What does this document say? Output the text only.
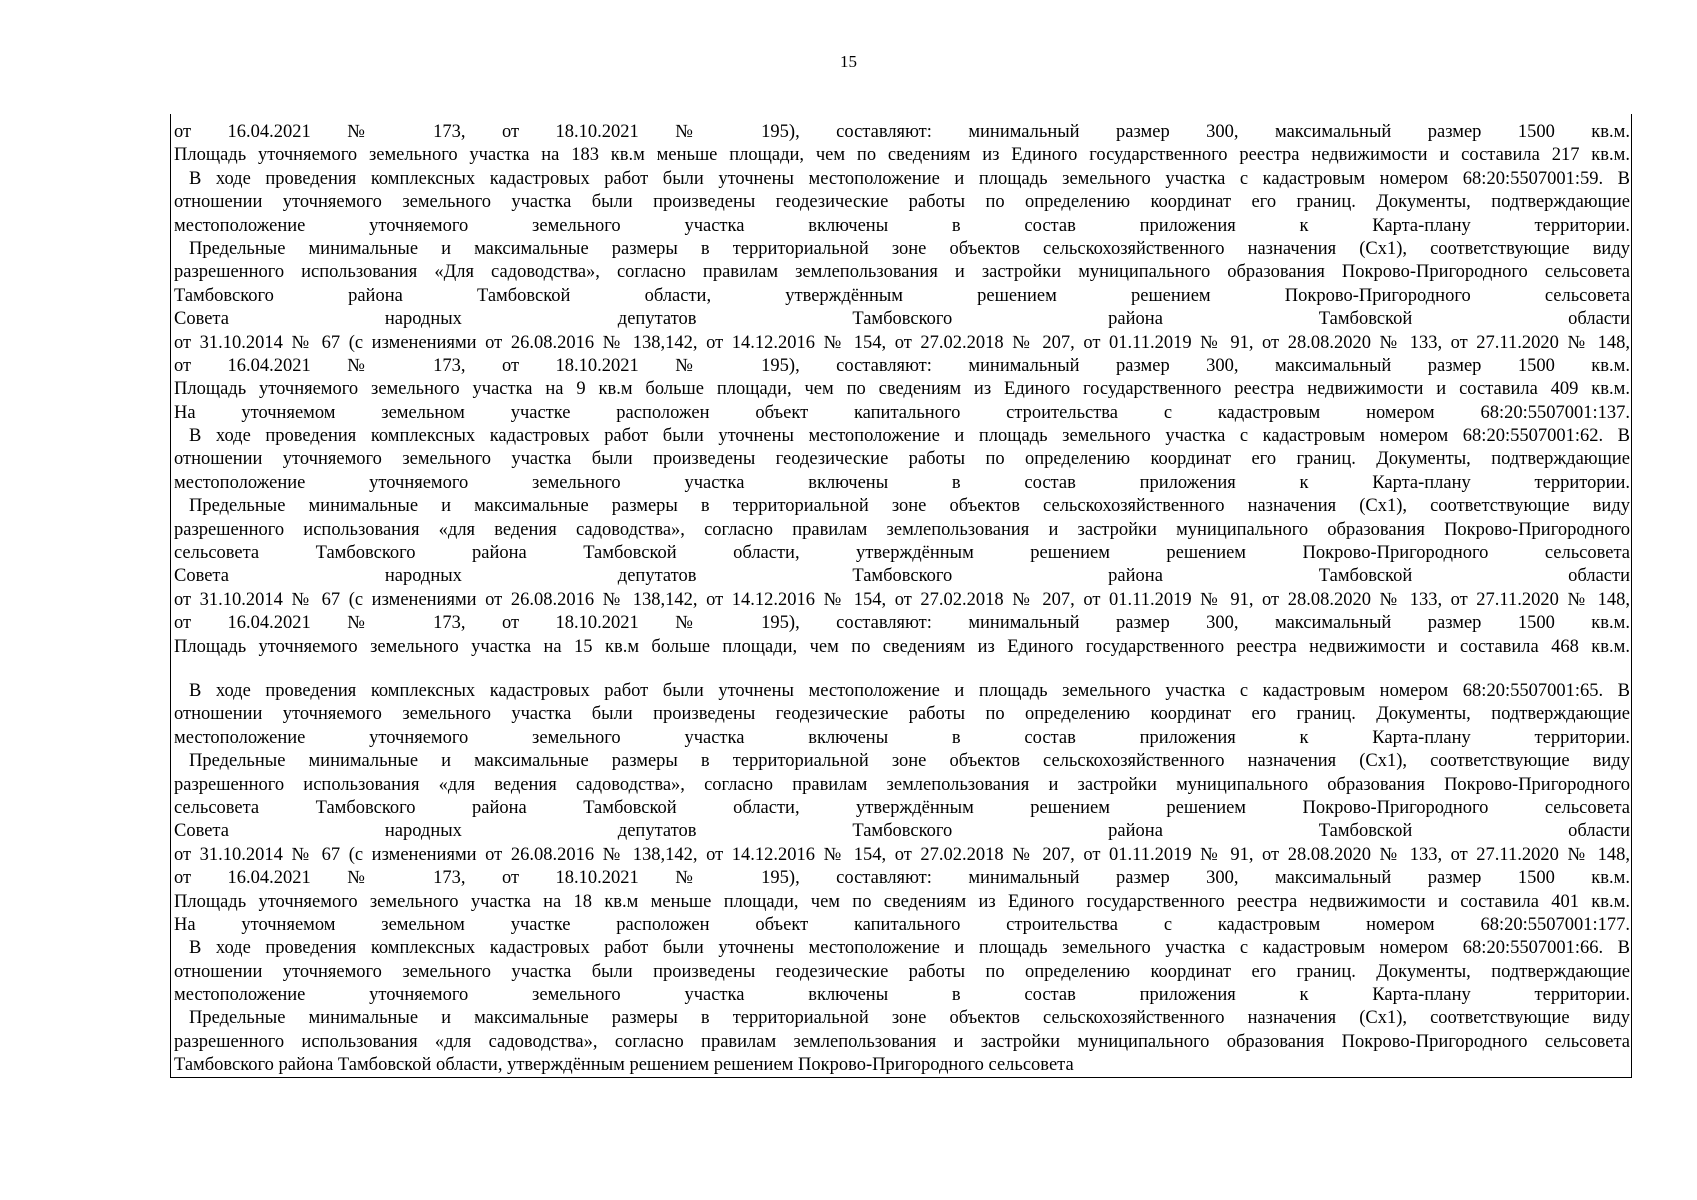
15
от 16.04.2021 № 173, от 18.10.2021 № 195), составляют: минимальный размер 300, максимальный размер 1500 кв.м.
Площадь уточняемого земельного участка на 183 кв.м меньше площади, чем по сведениям из Единого государственного реестра недвижимости и составила 217 кв.м.
В ходе проведения комплексных кадастровых работ были уточнены местоположение и площадь земельного участка с кадастровым номером 68:20:5507001:59. В
отношении уточняемого земельного участка были произведены геодезические работы по определению координат его границ. Документы, подтверждающие
местоположение уточняемого земельного участка включены в состав приложения к Карта-плану территории.
Предельные минимальные и максимальные размеры в территориальной зоне объектов сельскохозяйственного назначения (Сх1), соответствующие виду
разрешенного использования «Для садоводства», согласно правилам землепользования и застройки муниципального образования Покрово-Пригородного сельсовета
Тамбовского района Тамбовской области, утверждённым решением решением Покрово-Пригородного сельсовета
Совета народных депутатов Тамбовского района Тамбовской области
от 31.10.2014 № 67 (с изменениями от 26.08.2016 № 138,142, от 14.12.2016 № 154, от 27.02.2018 № 207, от 01.11.2019 № 91, от 28.08.2020 № 133, от 27.11.2020 № 148,
от 16.04.2021 № 173, от 18.10.2021 № 195), составляют: минимальный размер 300, максимальный размер 1500 кв.м.
Площадь уточняемого земельного участка на 9 кв.м больше площади, чем по сведениям из Единого государственного реестра недвижимости и составила 409 кв.м.
На уточняемом земельном участке расположен объект капитального строительства с кадастровым номером 68:20:5507001:137.
В ходе проведения комплексных кадастровых работ были уточнены местоположение и площадь земельного участка с кадастровым номером 68:20:5507001:62. В
отношении уточняемого земельного участка были произведены геодезические работы по определению координат его границ. Документы, подтверждающие
местоположение уточняемого земельного участка включены в состав приложения к Карта-плану территории.
Предельные минимальные и максимальные размеры в территориальной зоне объектов сельскохозяйственного назначения (Сх1), соответствующие виду
разрешенного использования «для ведения садоводства», согласно правилам землепользования и застройки муниципального образования Покрово-Пригородного
сельсовета Тамбовского района Тамбовской области, утверждённым решением решением Покрово-Пригородного сельсовета
Совета народных депутатов Тамбовского района Тамбовской области
от 31.10.2014 № 67 (с изменениями от 26.08.2016 № 138,142, от 14.12.2016 № 154, от 27.02.2018 № 207, от 01.11.2019 № 91, от 28.08.2020 № 133, от 27.11.2020 № 148,
от 16.04.2021 № 173, от 18.10.2021 № 195), составляют: минимальный размер 300, максимальный размер 1500 кв.м.
Площадь уточняемого земельного участка на 15 кв.м больше площади, чем по сведениям из Единого государственного реестра недвижимости и составила 468 кв.м.
В ходе проведения комплексных кадастровых работ были уточнены местоположение и площадь земельного участка с кадастровым номером 68:20:5507001:65. В
отношении уточняемого земельного участка были произведены геодезические работы по определению координат его границ. Документы, подтверждающие
местоположение уточняемого земельного участка включены в состав приложения к Карта-плану территории.
Предельные минимальные и максимальные размеры в территориальной зоне объектов сельскохозяйственного назначения (Сх1), соответствующие виду
разрешенного использования «для ведения садоводства», согласно правилам землепользования и застройки муниципального образования Покрово-Пригородного
сельсовета Тамбовского района Тамбовской области, утверждённым решением решением Покрово-Пригородного сельсовета
Совета народных депутатов Тамбовского района Тамбовской области
от 31.10.2014 № 67 (с изменениями от 26.08.2016 № 138,142, от 14.12.2016 № 154, от 27.02.2018 № 207, от 01.11.2019 № 91, от 28.08.2020 № 133, от 27.11.2020 № 148,
от 16.04.2021 № 173, от 18.10.2021 № 195), составляют: минимальный размер 300, максимальный размер 1500 кв.м.
Площадь уточняемого земельного участка на 18 кв.м меньше площади, чем по сведениям из Единого государственного реестра недвижимости и составила 401 кв.м.
На уточняемом земельном участке расположен объект капитального строительства с кадастровым номером 68:20:5507001:177.
В ходе проведения комплексных кадастровых работ были уточнены местоположение и площадь земельного участка с кадастровым номером 68:20:5507001:66. В
отношении уточняемого земельного участка были произведены геодезические работы по определению координат его границ. Документы, подтверждающие
местоположение уточняемого земельного участка включены в состав приложения к Карта-плану территории.
Предельные минимальные и максимальные размеры в территориальной зоне объектов сельскохозяйственного назначения (Сх1), соответствующие виду
разрешенного использования «для садоводства», согласно правилам землепользования и застройки муниципального образования Покрово-Пригородного сельсовета
Тамбовского района Тамбовской области, утверждённым решением решением Покрово-Пригородного сельсовета
